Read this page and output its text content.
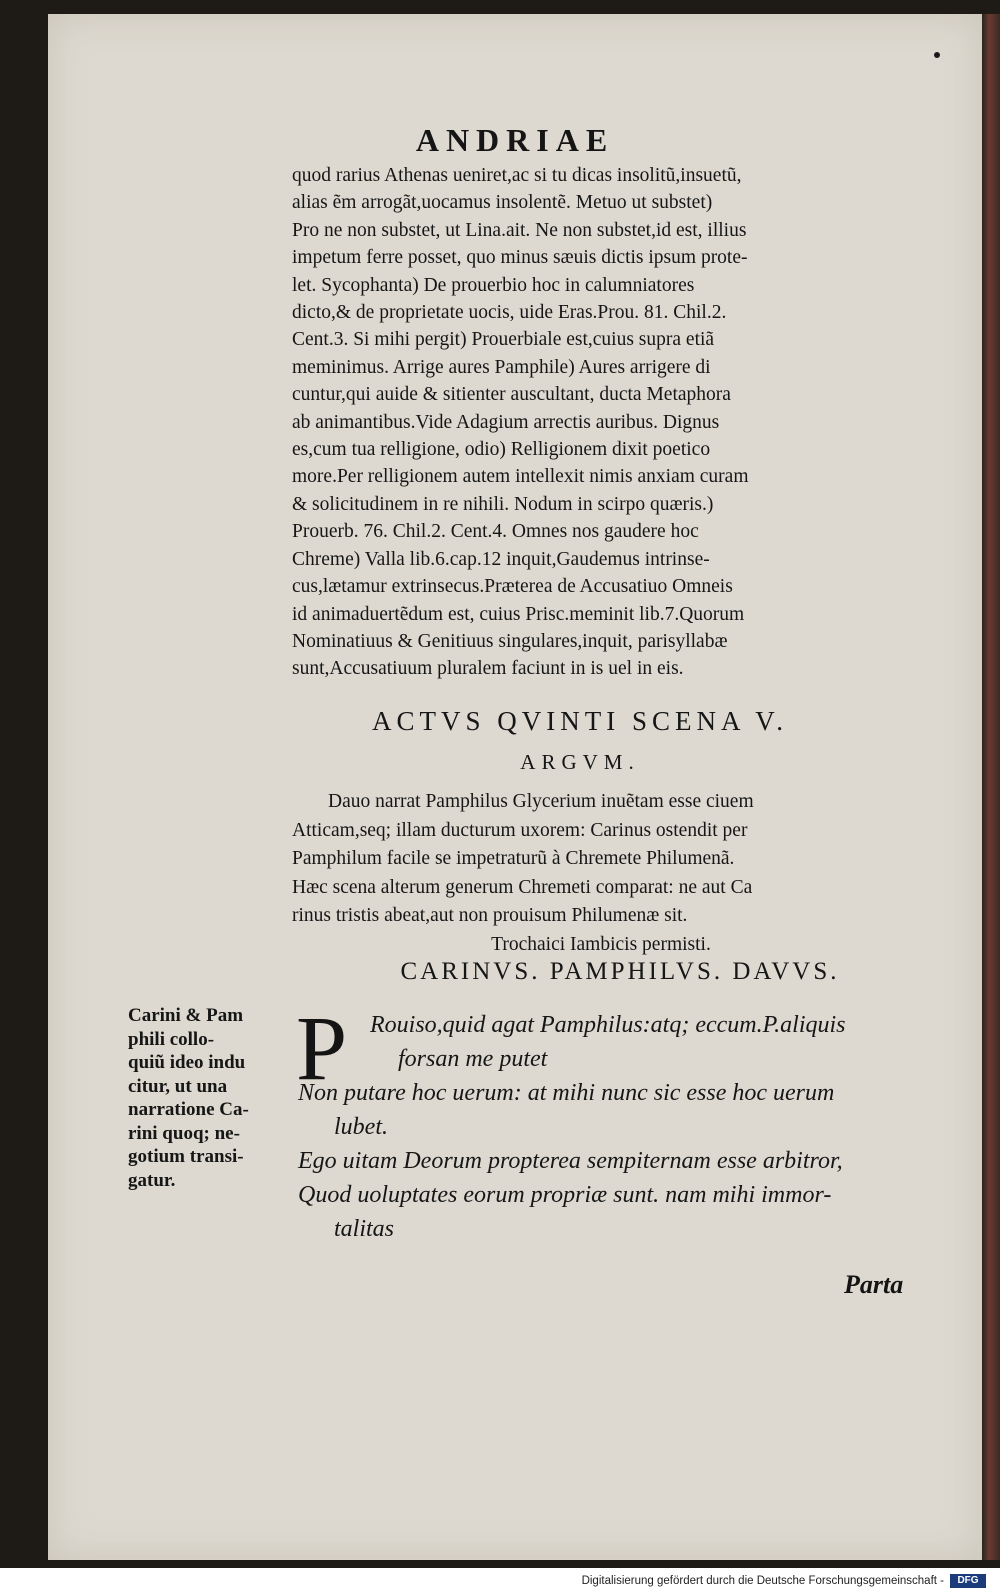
ANDRIAE

quod rarius Athenas ueniret,ac si tu dicas insolitũ,insuetũ,

alias ẽm arrogãt,uocamus insolentẽ. Metuo ut substet)

Pro ne non substet, ut Lina.ait. Ne non substet,id est, illius

impetum ferre posset, quo minus sæuis dictis ipsum prote-

let. Sycophanta) De prouerbio hoc in calumniatores

dicto,& de proprietate uocis, uide Eras.Prou. 81. Chil.2.

Cent.3. Si mihi pergit) Prouerbiale est,cuius supra etiã

meminimus. Arrige aures Pamphile) Aures arrigere di

cuntur,qui auide & sitienter auscultant, ducta Metaphora

ab animantibus.Vide Adagium arrectis auribus. Dignus

es,cum tua relligione, odio) Relligionem dixit poetico

more.Per relligionem autem intellexit nimis anxiam curam

& solicitudinem in re nihili. Nodum in scirpo quæris.)

Prouerb. 76. Chil.2. Cent.4. Omnes nos gaudere hoc

Chreme) Valla lib.6.cap.12 inquit,Gaudemus intrinse-

cus,lætamur extrinsecus.Præterea de Accusatiuo Omneis

id animaduertẽdum est, cuius Prisc.meminit lib.7.Quorum

Nominatiuus & Genitiuus singulares,inquit, parisyllabæ

sunt,Accusatiuum pluralem faciunt in is uel in eis.

ACTVS QVINTI SCENA V.
ARGVM.

Dauo narrat Pamphilus Glycerium inuẽtam esse ciuem

Atticam,seq; illam ducturum uxorem: Carinus ostendit per

Pamphilum facile se impetraturũ à Chremete Philumenã.

Hæc scena alterum generum Chremeti comparat: ne aut Ca

rinus tristis abeat,aut non prouisum Philumenæ sit.

Trochaici Iambicis permisti.
CARINVS. PAMPHILVS. DAVVS.
Carini & Pam
phili collo-
quiũ ideo indu
citur, ut una
narratione Ca-
rini quoq; ne-
gotium transi-
gatur.
P Rouiso,quid agat Pamphilus:atq; eccum.P.aliquis
forsan me putet
Non putare hoc uerum: at mihi nunc sic esse hoc uerum
lubet.
Ego uitam Deorum propterea sempiternam esse arbitror,
Quod uoluptates eorum propriæ sunt. nam mihi immor-
talitas
Parta
Digitalisierung gefördert durch die Deutsche Forschungsgemeinschaft -	DFG
